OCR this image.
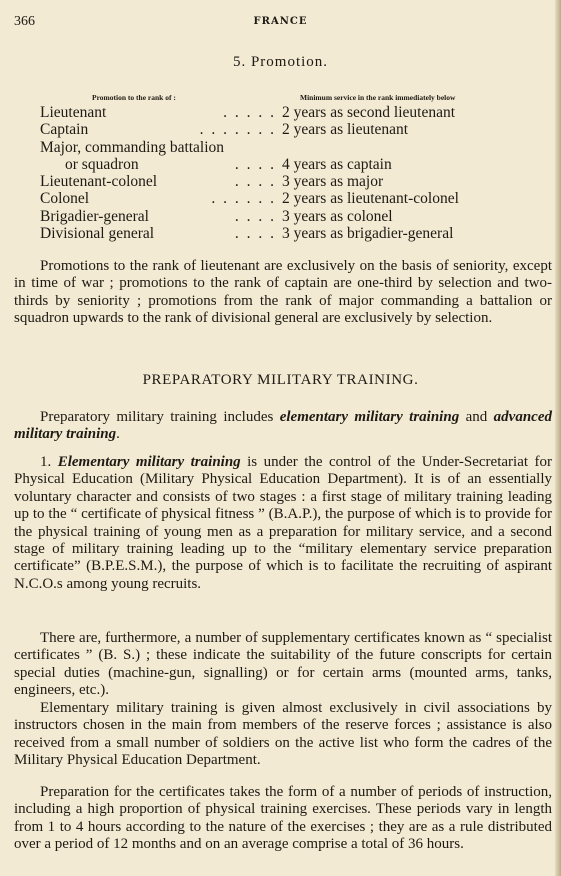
366	FRANCE
5. Promotion.
Promotion to the rank of :	Minimum service in the rank immediately below
Lieutenant	. . . . . 2 years as second lieutenant
Captain	. . . . . . . 2 years as lieutenant
Major, commanding battalion
or squadron	. . . . 4 years as captain
Lieutenant-colonel	. . . . 3 years as major
Colonel	. . . . . . 2 years as lieutenant-colonel
Brigadier-general	. . . . 3 years as colonel
Divisional general	. . . . 3 years as brigadier-general
Promotions to the rank of lieutenant are exclusively on the basis of seniority, except in time of war ; promotions to the rank of captain are one-third by selection and two-thirds by seniority ; promotions from the rank of major commanding a battalion or squadron upwards to the rank of divisional general are exclusively by selection.
PREPARATORY MILITARY TRAINING.
Preparatory military training includes elementary military training and advanced military training.
1. Elementary military training is under the control of the Under-Secretariat for Physical Education (Military Physical Education Department). It is of an essentially voluntary character and consists of two stages : a first stage of military training leading up to the “ certificate of physical fitness ” (B.A.P.), the purpose of which is to provide for the physical training of young men as a preparation for military service, and a second stage of military training leading up to the “military elementary service preparation certificate” (B.P.E.S.M.), the purpose of which is to facilitate the recruiting of aspirant N.C.O.s among young recruits.
There are, furthermore, a number of supplementary certificates known as “ specialist certificates ” (B. S.) ; these indicate the suitability of the future conscripts for certain special duties (machine-gun, signalling) or for certain arms (mounted arms, tanks, engineers, etc.).
Elementary military training is given almost exclusively in civil associations by instructors chosen in the main from members of the reserve forces ; assistance is also received from a small number of soldiers on the active list who form the cadres of the Military Physical Education Department.
Preparation for the certificates takes the form of a number of periods of instruction, including a high proportion of physical training exercises. These periods vary in length from 1 to 4 hours according to the nature of the exercises ; they are as a rule distributed over a period of 12 months and on an average comprise a total of 36 hours.
